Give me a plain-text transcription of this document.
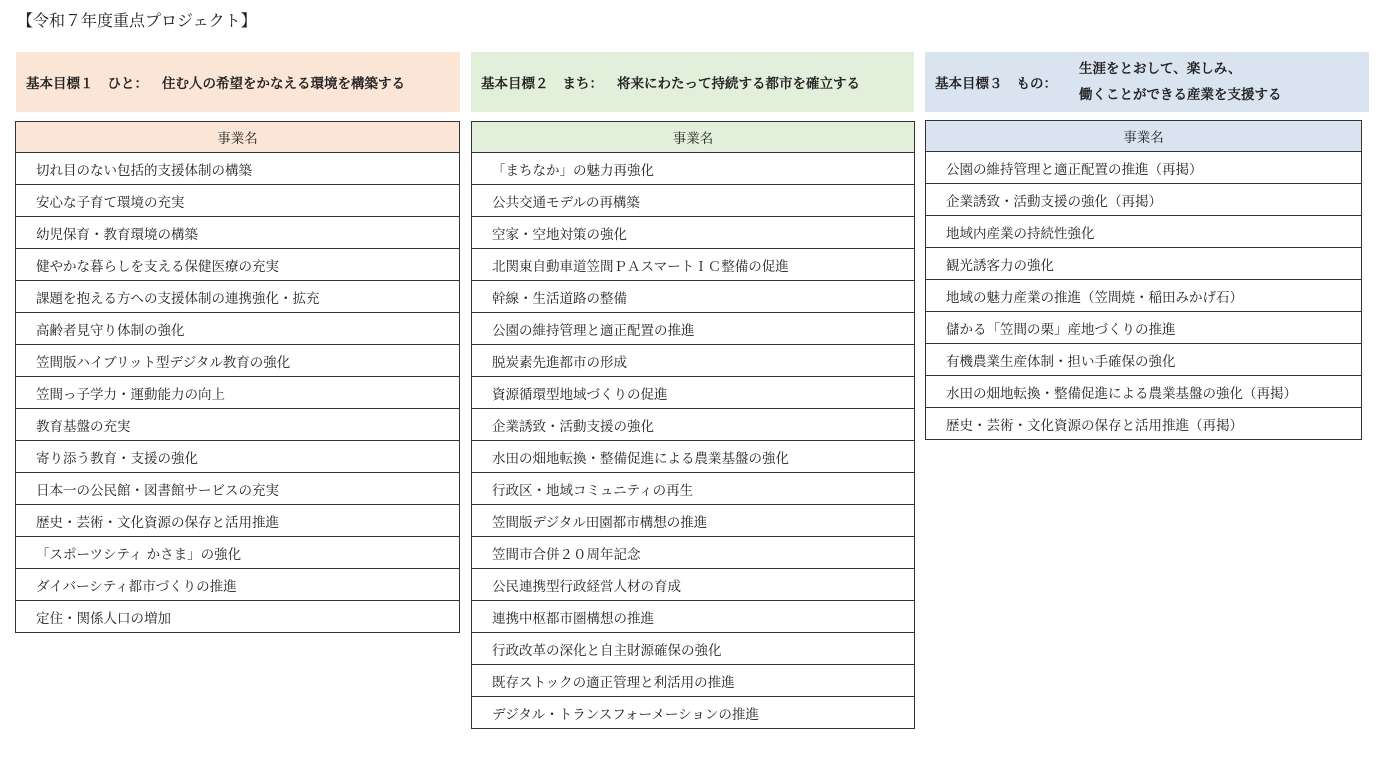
【令和７年度重点プロジェクト】
基本目標１ ひと： 住む人の希望をかなえる環境を構築する	基本目標２ まち： 将来にわたって持続する都市を確立する	基本目標３ もの：
生涯をとおして、楽しみ、
働くことができる産業を支援する
事業名
切れ目のない包括的支援体制の構築
安心な子育て環境の充実
幼児保育・教育環境の構築
健やかな暮らしを支える保健医療の充実
課題を抱える方への支援体制の連携強化・拡充
高齢者見守り体制の強化
笠間版ハイブリット型デジタル教育の強化
笠間っ子学力・運動能力の向上
教育基盤の充実
寄り添う教育・支援の強化
日本一の公民館・図書館サービスの充実
歴史・芸術・文化資源の保存と活用推進
「スポーツシティ かさま」の強化
ダイバーシティ都市づくりの推進
定住・関係人口の増加
事業名
「まちなか」の魅力再強化
公共交通モデルの再構築
空家・空地対策の強化
北関東自動車道笠間ＰＡスマートＩＣ整備の促進
幹線・生活道路の整備
公園の維持管理と適正配置の推進
脱炭素先進都市の形成
資源循環型地域づくりの促進
企業誘致・活動支援の強化
水田の畑地転換・整備促進による農業基盤の強化
行政区・地域コミュニティの再生
笠間版デジタル田園都市構想の推進
笠間市合併２０周年記念
公民連携型行政経営人材の育成
連携中枢都市圏構想の推進
行政改革の深化と自主財源確保の強化
既存ストックの適正管理と利活用の推進
デジタル・トランスフォーメーションの推進
事業名
公園の維持管理と適正配置の推進（再掲）
企業誘致・活動支援の強化（再掲）
地域内産業の持続性強化
観光誘客力の強化
地域の魅力産業の推進（笠間焼・稲田みかげ石）
儲かる「笠間の栗」産地づくりの推進
有機農業生産体制・担い手確保の強化
水田の畑地転換・整備促進による農業基盤の強化（再掲）
歴史・芸術・文化資源の保存と活用推進（再掲）
